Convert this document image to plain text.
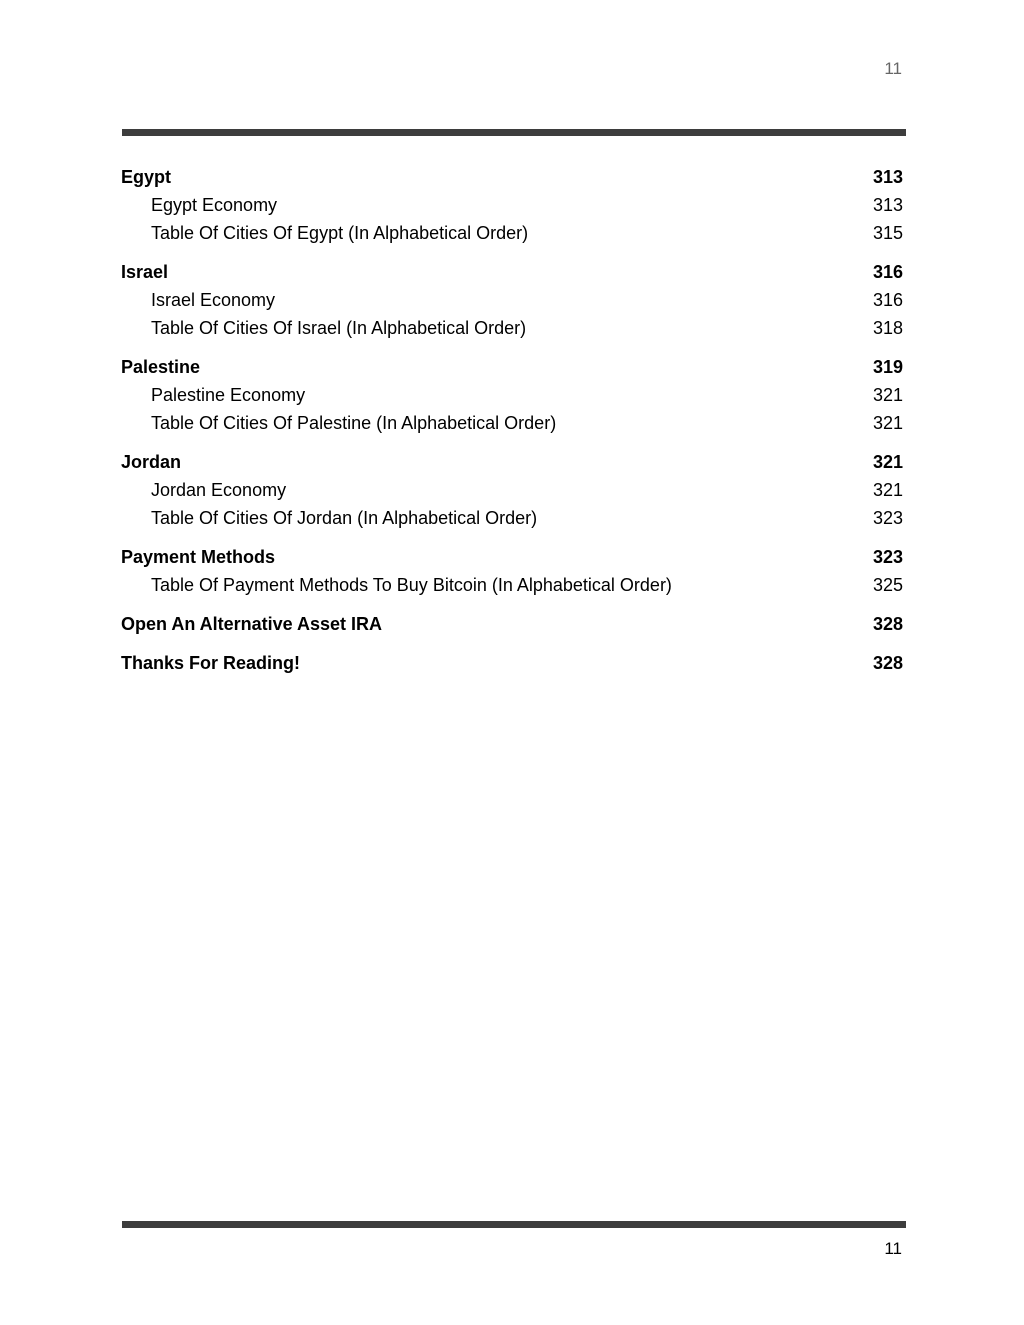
11
Egypt	313
Egypt Economy	313
Table Of Cities Of Egypt (In Alphabetical Order)	315
Israel	316
Israel Economy	316
Table Of Cities Of Israel (In Alphabetical Order)	318
Palestine	319
Palestine Economy	321
Table Of Cities Of Palestine (In Alphabetical Order)	321
Jordan	321
Jordan Economy	321
Table Of Cities Of Jordan (In Alphabetical Order)	323
Payment Methods	323
Table Of Payment Methods To Buy Bitcoin (In Alphabetical Order)	325
Open An Alternative Asset IRA	328
Thanks For Reading!	328
11
